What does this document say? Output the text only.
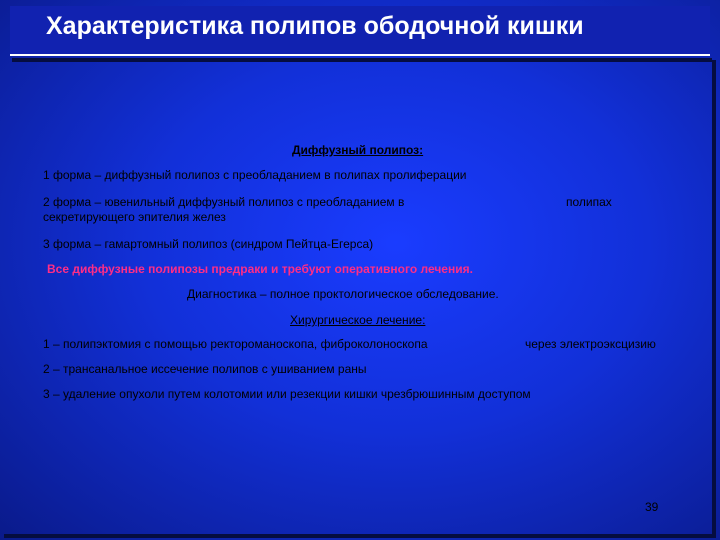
Характеристика полипов ободочной кишки
Диффузный полипоз:
1 форма – диффузный полипоз с преобладанием в полипах пролиферации
2 форма – ювенильный диффузный полипоз с преобладанием в	полипах
секретирующего эпителия желез
3 форма – гамартомный полипоз (синдром Пейтца-Егерса)
Все диффузные полипозы предраки и требуют оперативного лечения.
Диагностика – полное проктологическое обследование.
Хирургическое лечение:
1 – полипэктомия с помощью ректороманоскопа, фиброколоноскопа	через электроэксцизию
2 – трансанальное иссечение полипов с ушиванием раны
3 – удаление опухоли путем колотомии или резекции кишки чрезбрюшинным доступом
39
